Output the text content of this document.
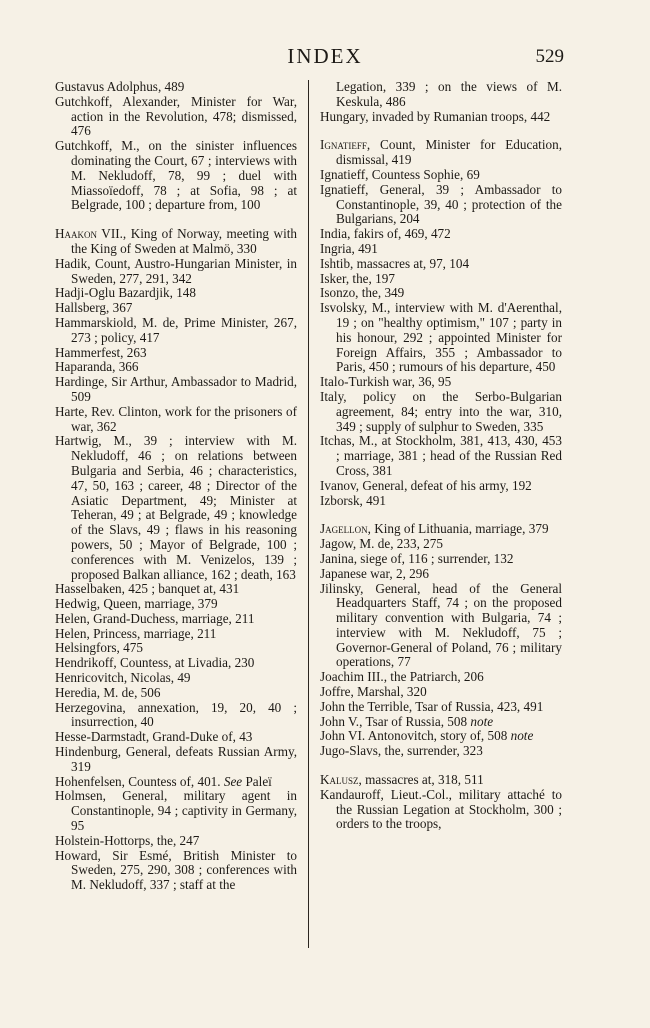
INDEX	529

Gustavus Adolphus, 489

Gutchkoff, Alexander, Minister for War, action in the Revolution, 478; dismissed, 476

Gutchkoff, M., on the sinister influences dominating the Court, 67 ; interviews with M. Nekludoff, 78, 99 ; duel with Miassoïedoff, 78 ; at Sofia, 98 ; at Belgrade, 100 ; departure from, 100

Haakon VII., King of Norway, meeting with the King of Sweden at Malmö, 330

Hadik, Count, Austro-Hungarian Minister, in Sweden, 277, 291, 342

Hadji-Oglu Bazardjik, 148

Hallsberg, 367

Hammarskiold, M. de, Prime Minister, 267, 273 ; policy, 417

Hammerfest, 263

Haparanda, 366

Hardinge, Sir Arthur, Ambassador to Madrid, 509

Harte, Rev. Clinton, work for the prisoners of war, 362

Hartwig, M., 39 ; interview with M. Nekludoff, 46 ; on relations between Bulgaria and Serbia, 46 ; characteristics, 47, 50, 163 ; career, 48 ; Director of the Asiatic Department, 49; Minister at Teheran, 49 ; at Belgrade, 49 ; knowledge of the Slavs, 49 ; flaws in his reasoning powers, 50 ; Mayor of Belgrade, 100 ; conferences with M. Venizelos, 139 ; proposed Balkan alliance, 162 ; death, 163

Hasselbaken, 425 ; banquet at, 431

Hedwig, Queen, marriage, 379

Helen, Grand-Duchess, marriage, 211

Helen, Princess, marriage, 211

Helsingfors, 475

Hendrikoff, Countess, at Livadia, 230

Henricovitch, Nicolas, 49

Heredia, M. de, 506

Herzegovina, annexation, 19, 20, 40 ; insurrection, 40

Hesse-Darmstadt, Grand-Duke of, 43

Hindenburg, General, defeats Russian Army, 319

Hohenfelsen, Countess of, 401. See Paleï

Holmsen, General, military agent in Constantinople, 94 ; captivity in Germany, 95

Holstein-Hottorps, the, 247

Howard, Sir Esmé, British Minister to Sweden, 275, 290, 308 ; conferences with M. Nekludoff, 337 ; staff at the

Legation, 339 ; on the views of M. Keskula, 486

Hungary, invaded by Rumanian troops, 442

Ignatieff, Count, Minister for Education, dismissal, 419

Ignatieff, Countess Sophie, 69

Ignatieff, General, 39 ; Ambassador to Constantinople, 39, 40 ; protection of the Bulgarians, 204

India, fakirs of, 469, 472

Ingria, 491

Ishtib, massacres at, 97, 104

Isker, the, 197

Isonzo, the, 349

Isvolsky, M., interview with M. d'Aerenthal, 19 ; on "healthy optimism," 107 ; party in his honour, 292 ; appointed Minister for Foreign Affairs, 355 ; Ambassador to Paris, 450 ; rumours of his departure, 450

Italo-Turkish war, 36, 95

Italy, policy on the Serbo-Bulgarian agreement, 84; entry into the war, 310, 349 ; supply of sulphur to Sweden, 335

Itchas, M., at Stockholm, 381, 413, 430, 453 ; marriage, 381 ; head of the Russian Red Cross, 381

Ivanov, General, defeat of his army, 192

Izborsk, 491

Jagellon, King of Lithuania, marriage, 379

Jagow, M. de, 233, 275

Janina, siege of, 116 ; surrender, 132

Japanese war, 2, 296

Jilinsky, General, head of the General Headquarters Staff, 74 ; on the proposed military convention with Bulgaria, 74 ; interview with M. Nekludoff, 75 ; Governor-General of Poland, 76 ; military operations, 77

Joachim III., the Patriarch, 206

Joffre, Marshal, 320

John the Terrible, Tsar of Russia, 423, 491

John V., Tsar of Russia, 508 note

John VI. Antonovitch, story of, 508 note

Jugo-Slavs, the, surrender, 323

Kalusz, massacres at, 318, 511

Kandauroff, Lieut.-Col., military attaché to the Russian Legation at Stockholm, 300 ; orders to the troops,
